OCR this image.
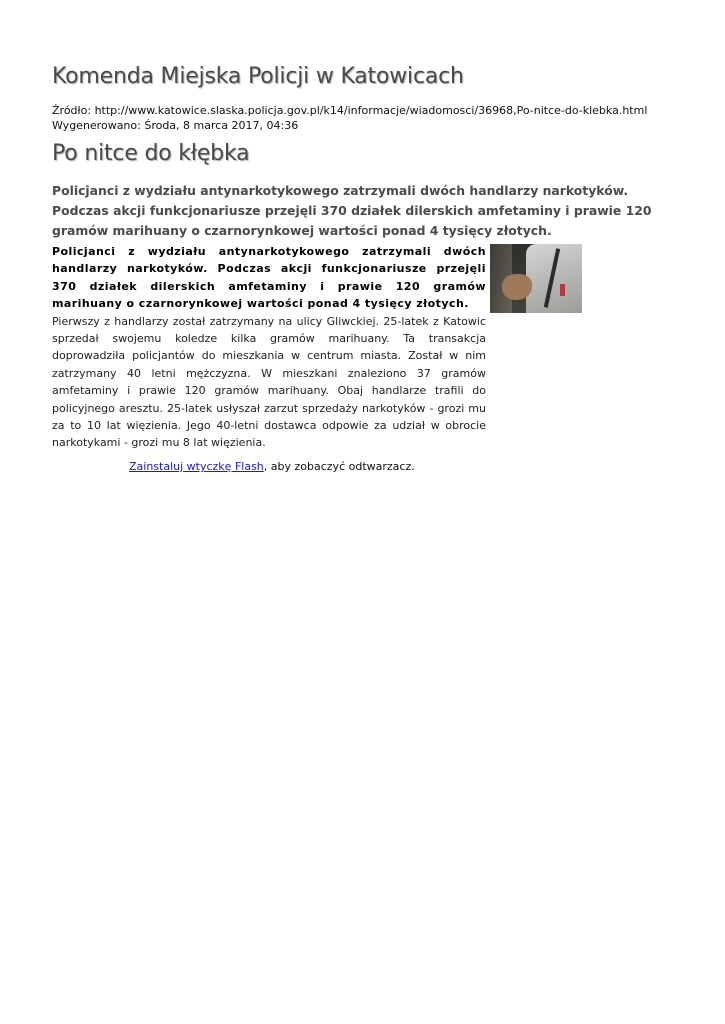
Komenda Miejska Policji w Katowicach
Źródło: http://www.katowice.slaska.policja.gov.pl/k14/informacje/wiadomosci/36968,Po-nitce-do-klebka.html
Wygenerowano: Środa, 8 marca 2017, 04:36
Po nitce do kłębka
Policjanci z wydziału antynarkotykowego zatrzymali dwóch handlarzy narkotyków. Podczas akcji funkcjonariusze przejęli 370 działek dilerskich amfetaminy i prawie 120 gramów marihuany o czarnorynkowej wartości ponad 4 tysięcy złotych.

Policjanci z wydziału antynarkotykowego zatrzymali dwóch handlarzy narkotyków. Podczas akcji funkcjonariusze przejęli 370 działek dilerskich amfetaminy i prawie 120 gramów marihuany o czarnorynkowej wartości ponad 4 tysięcy złotych.

Pierwszy z handlarzy został zatrzymany na ulicy Gliwckiej. 25-latek z Katowic sprzedał swojemu koledze kilka gramów marihuany. Ta transakcja doprowadziła policjantów do mieszkania w centrum miasta. Został w nim zatrzymany 40 letni mężczyzna. W mieszkani znaleziono 37 gramów amfetaminy i prawie 120 gramów marihuany. Obaj handlarze trafili do policyjnego aresztu. 25-latek usłyszał zarzut sprzedaży narkotyków - grozi mu za to 10 lat więzienia. Jego 40-letni dostawca odpowie za udział w obrocie narkotykami - grozi mu 8 lat więzienia.

Zainstaluj wtyczkę Flash, aby zobaczyć odtwarzacz.
